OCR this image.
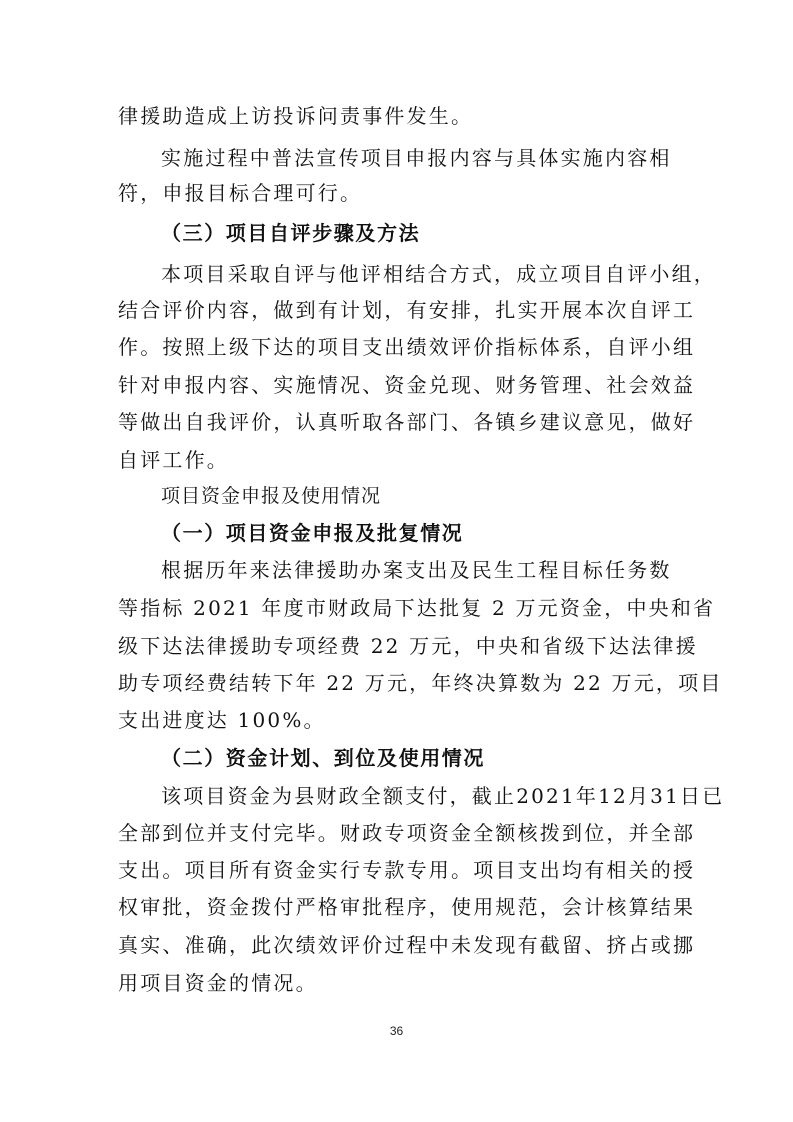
律援助造成上访投诉问责事件发生。

实施过程中普法宣传项目申报内容与具体实施内容相

符，申报目标合理可行。

（三）项目自评步骤及方法

本项目采取自评与他评相结合方式，成立项目自评小组，

结合评价内容，做到有计划，有安排，扎实开展本次自评工

作。按照上级下达的项目支出绩效评价指标体系，自评小组

针对申报内容、实施情况、资金兑现、财务管理、社会效益

等做出自我评价，认真听取各部门、各镇乡建议意见，做好

自评工作。

项目资金申报及使用情况

（一）项目资金申报及批复情况

根据历年来法律援助办案支出及民生工程目标任务数

等指标 2021 年度市财政局下达批复 2 万元资金，中央和省

级下达法律援助专项经费 22 万元，中央和省级下达法律援

助专项经费结转下年 22 万元，年终决算数为 22 万元，项目

支出进度达 100%。

（二）资金计划、到位及使用情况

该项目资金为县财政全额支付，截止2021年12月31日已

全部到位并支付完毕。财政专项资金全额核拨到位，并全部

支出。项目所有资金实行专款专用。项目支出均有相关的授

权审批，资金拨付严格审批程序，使用规范，会计核算结果

真实、准确，此次绩效评价过程中未发现有截留、挤占或挪

用项目资金的情况。

36
